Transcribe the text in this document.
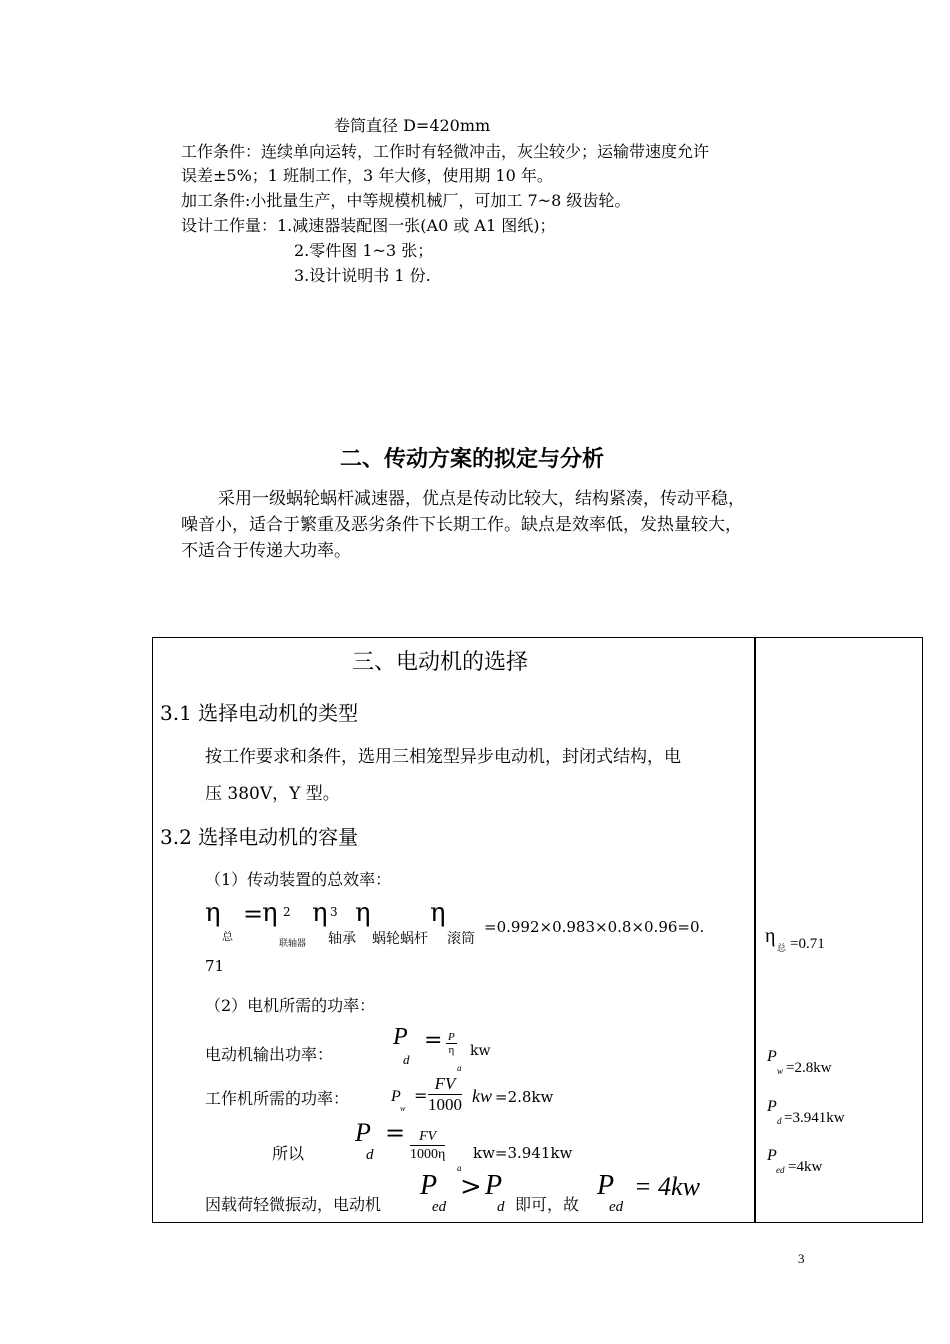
卷筒直径 D=420mm
工作条件：连续单向运转，工作时有轻微冲击，灰尘较少；运输带速度允许
误差±5%；1 班制工作，3 年大修，使用期 10 年。
加工条件:小批量生产，中等规模机械厂，可加工 7~8 级齿轮。
设计工作量：1.减速器装配图一张(A0 或 A1 图纸)；
2.零件图 1~3 张；
3.设计说明书 1 份.
二、传动方案的拟定与分析
采用一级蜗轮蜗杆减速器，优点是传动比较大，结构紧凑，传动平稳，
噪音小，适合于繁重及恶劣条件下长期工作。缺点是效率低，发热量较大，
不适合于传递大功率。
三、电动机的选择
3.1 选择电动机的类型
按工作要求和条件，选用三相笼型异步电动机，封闭式结构，电
压 380V，Y 型。
3.2 选择电动机的容量
（1）传动装置的总效率：
η
总
=
η 2
联轴器
η 3
轴承
η
蜗轮蜗杆
η
滚筒
=0.992×0.983×0.8×0.96=0.
71
（2）电机所需的功率：
电动机输出功率：
P
d
= $\frac{P}{\eta}$
a
kw
工作机所需的功率：	P
w
= $\frac{FV}{1000}$ kw =2.8kw
所以
P
d
= $\frac{FV}{1000\eta}$
a
kw=3.941kw
因载荷轻微振动，电动机
P
ed
> P
d 即可，故
P
ed
= 4kw
η
总 =0.71
P
w =2.8kw
P
d =3.941kw
P
ed =4kw
3
